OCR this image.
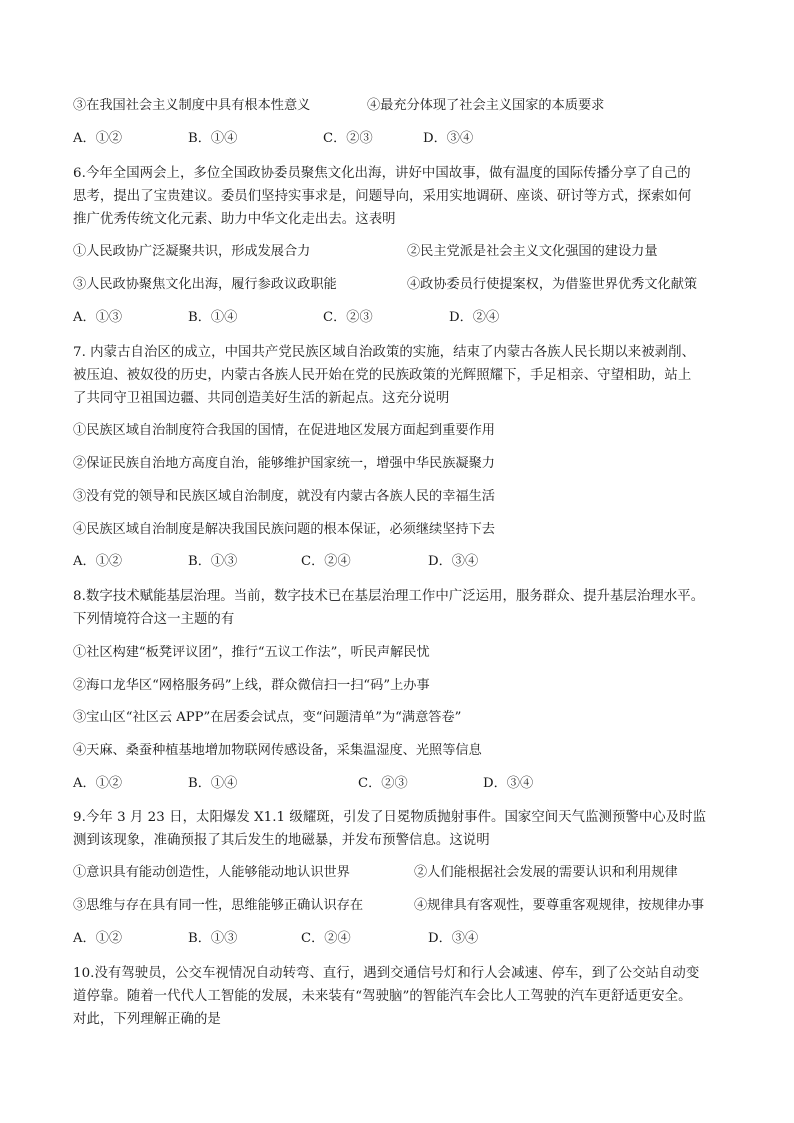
③在我国社会主义制度中具有根本性意义	④最充分体现了社会主义国家的本质要求
A．①②	B．①④	C．②③	D．③④
6.今年全国两会上，多位全国政协委员聚焦文化出海，讲好中国故事，做有温度的国际传播分享了自己的
思考，提出了宝贵建议。委员们坚持实事求是，问题导向，采用实地调研、座谈、研讨等方式，探索如何
推广优秀传统文化元素、助力中华文化走出去。这表明
①人民政协广泛凝聚共识，形成发展合力	②民主党派是社会主义文化强国的建设力量
③人民政协聚焦文化出海，履行参政议政职能	④政协委员行使提案权，为借鉴世界优秀文化献策
A．①③	B．①④	C．②③	D．②④
7. 内蒙古自治区的成立，中国共产党民族区域自治政策的实施，结束了内蒙古各族人民长期以来被剥削、
被压迫、被奴役的历史，内蒙古各族人民开始在党的民族政策的光辉照耀下，手足相亲、守望相助，站上
了共同守卫祖国边疆、共同创造美好生活的新起点。这充分说明
①民族区域自治制度符合我国的国情，在促进地区发展方面起到重要作用
②保证民族自治地方高度自治，能够维护国家统一，增强中华民族凝聚力
③没有党的领导和民族区域自治制度，就没有内蒙古各族人民的幸福生活
④民族区域自治制度是解决我国民族问题的根本保证，必须继续坚持下去
A．①②	B．①③	C．②④	D．③④
8.数字技术赋能基层治理。当前，数字技术已在基层治理工作中广泛运用，服务群众、提升基层治理水平。
下列情境符合这一主题的有
①社区构建“板凳评议团”，推行“五议工作法”，听民声解民忧
②海口龙华区“网格服务码”上线，群众微信扫一扫“码”上办事
③宝山区“社区云 APP”在居委会试点，变“问题清单”为“满意答卷”
④天麻、桑蚕种植基地增加物联网传感设备，采集温湿度、光照等信息
A．①②	B．①④	C．②③	D．③④
9.今年 3 月 23 日，太阳爆发 X1.1 级耀斑，引发了日冕物质抛射事件。国家空间天气监测预警中心及时监
测到该现象，准确预报了其后发生的地磁暴，并发布预警信息。这说明
①意识具有能动创造性，人能够能动地认识世界	②人们能根据社会发展的需要认识和利用规律
③思维与存在具有同一性，思维能够正确认识存在	④规律具有客观性，要尊重客观规律，按规律办事
A．①②	B．①③	C．②④	D．③④
10.没有驾驶员，公交车视情况自动转弯、直行，遇到交通信号灯和行人会减速、停车，到了公交站自动变
道停靠。随着一代代人工智能的发展，未来装有“驾驶脑”的智能汽车会比人工驾驶的汽车更舒适更安全。
对此，下列理解正确的是
